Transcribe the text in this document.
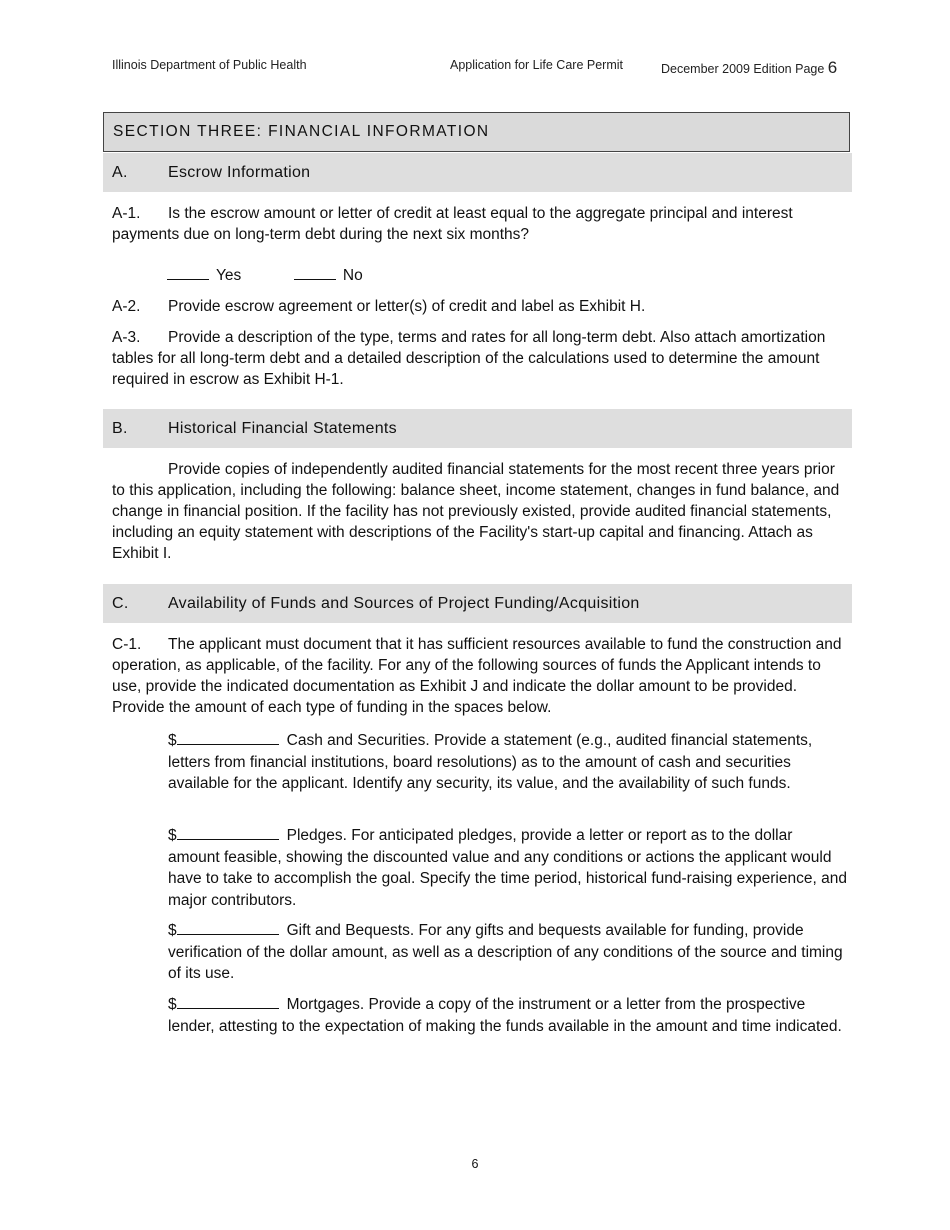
Illinois Department of Public Health	Application for Life Care Permit	December 2009 Edition Page 6
SECTION THREE: FINANCIAL INFORMATION
A.	Escrow Information
A-1. Is the escrow amount or letter of credit at least equal to the aggregate principal and interest payments due on long-term debt during the next six months?
Yes	No
A-2. Provide escrow agreement or letter(s) of credit and label as Exhibit H.
A-3. Provide a description of the type, terms and rates for all long-term debt. Also attach amortization tables for all long-term debt and a detailed description of the calculations used to determine the amount required in escrow as Exhibit H-1.
B.	Historical Financial Statements
Provide copies of independently audited financial statements for the most recent three years prior to this application, including the following: balance sheet, income statement, changes in fund balance, and change in financial position. If the facility has not previously existed, provide audited financial statements, including an equity statement with descriptions of the Facility's start-up capital and financing. Attach as Exhibit I.
C.	Availability of Funds and Sources of Project Funding/Acquisition
C-1. The applicant must document that it has sufficient resources available to fund the construction and operation, as applicable, of the facility. For any of the following sources of funds the Applicant intends to use, provide the indicated documentation as Exhibit J and indicate the dollar amount to be provided. Provide the amount of each type of funding in the spaces below.
$	Cash and Securities. Provide a statement (e.g., audited financial statements, letters from financial institutions, board resolutions) as to the amount of cash and securities available for the applicant. Identify any security, its value, and the availability of such funds.
$	Pledges. For anticipated pledges, provide a letter or report as to the dollar amount feasible, showing the discounted value and any conditions or actions the applicant would have to take to accomplish the goal. Specify the time period, historical fund-raising experience, and major contributors.
$	Gift and Bequests. For any gifts and bequests available for funding, provide verification of the dollar amount, as well as a description of any conditions of the source and timing of its use.
$	Mortgages. Provide a copy of the instrument or a letter from the prospective lender, attesting to the expectation of making the funds available in the amount and time indicated.
6
